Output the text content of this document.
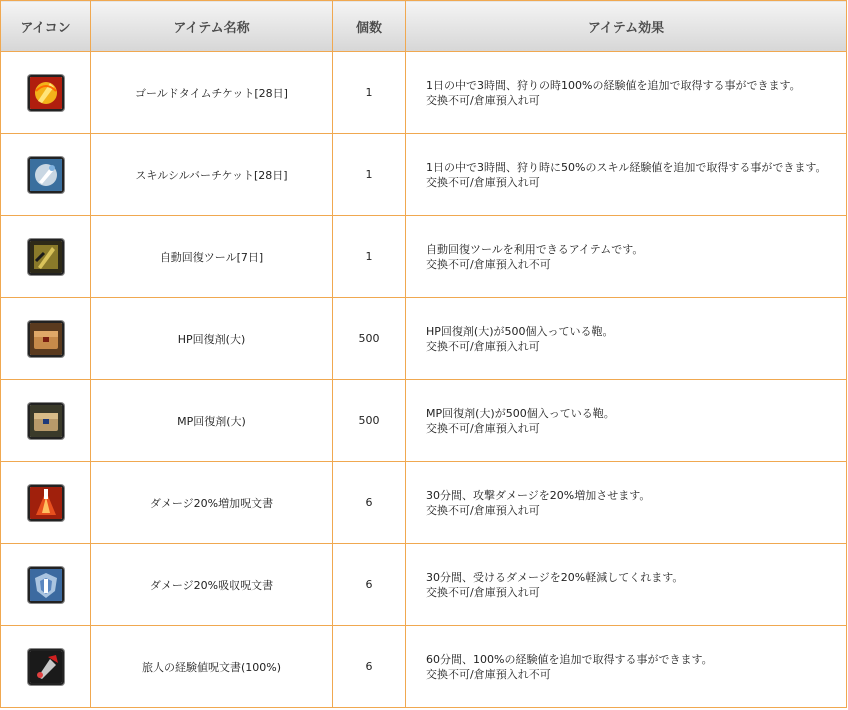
アイコン	アイテム名称	個数	アイテム効果

	ゴールドタイムチケット[28日]	1	1日の中で3時間、狩りの時100%の経験値を追加で取得する事ができます。
交換不可/倉庫預入れ可

	スキルシルバーチケット[28日]	1	1日の中で3時間、狩り時に50%のスキル経験値を追加で取得する事ができます。
交換不可/倉庫預入れ可

	自動回復ツール[7日]	1	自動回復ツールを利用できるアイテムです。
交換不可/倉庫預入れ不可

	HP回復剤(大)	500	HP回復剤(大)が500個入っている鞄。
交換不可/倉庫預入れ可

	MP回復剤(大)	500	MP回復剤(大)が500個入っている鞄。
交換不可/倉庫預入れ可

	ダメージ20%増加呪文書	6	30分間、攻撃ダメージを20%増加させます。
交換不可/倉庫預入れ可

	ダメージ20%吸収呪文書	6	30分間、受けるダメージを20%軽減してくれます。
交換不可/倉庫預入れ可

	旅人の経験値呪文書(100%)	6	60分間、100%の経験値を追加で取得する事ができます。
交換不可/倉庫預入れ不可
